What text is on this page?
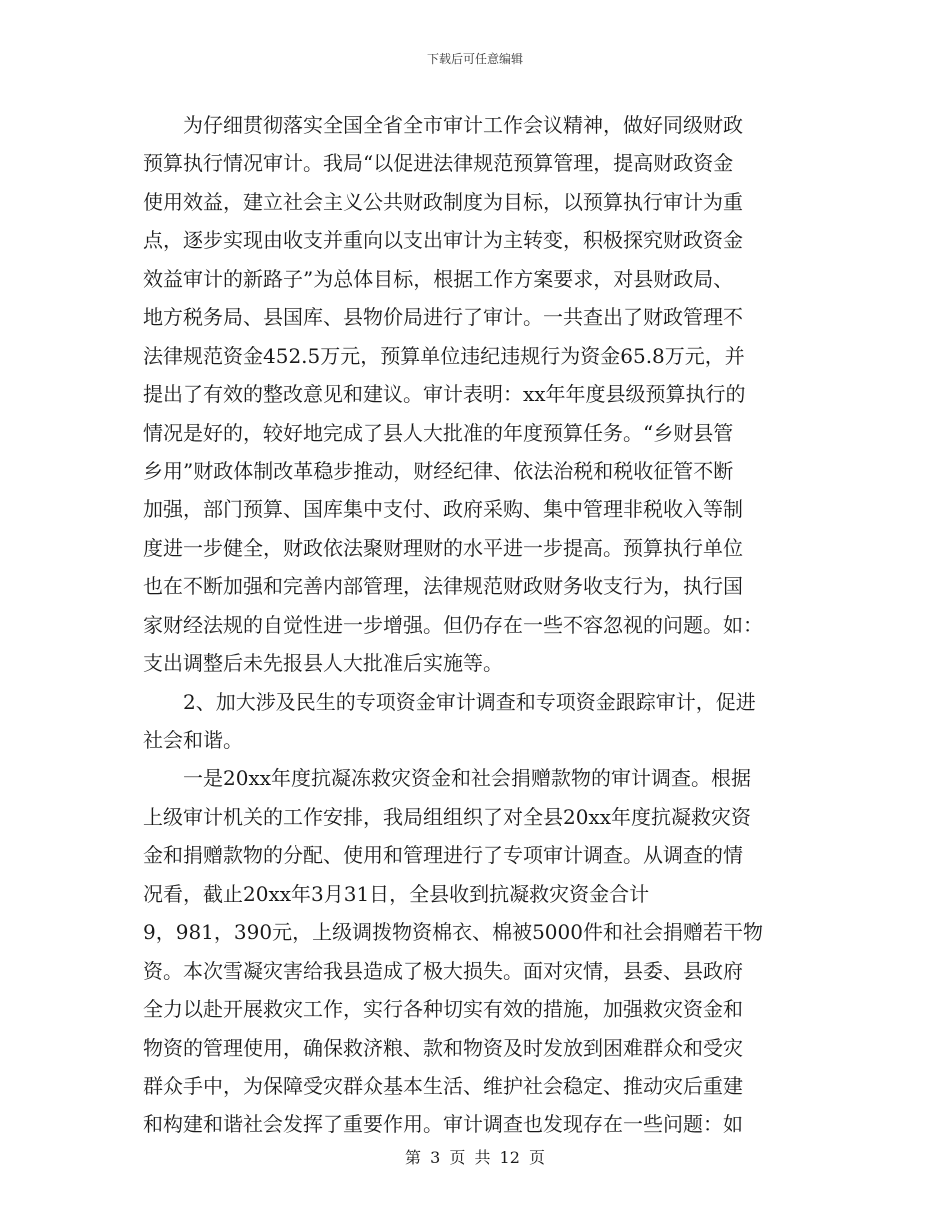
下载后可任意编辑
为仔细贯彻落实全国全省全市审计工作会议精神，做好同级财政
预算执行情况审计。我局“以促进法律规范预算管理，提高财政资金
使用效益，建立社会主义公共财政制度为目标，以预算执行审计为重
点，逐步实现由收支并重向以支出审计为主转变，积极探究财政资金
效益审计的新路子”为总体目标，根据工作方案要求，对县财政局、
地方税务局、县国库、县物价局进行了审计。一共查出了财政管理不
法律规范资金452.5万元，预算单位违纪违规行为资金65.8万元，并
提出了有效的整改意见和建议。审计表明：xx年年度县级预算执行的
情况是好的，较好地完成了县人大批准的年度预算任务。“乡财县管
乡用”财政体制改革稳步推动，财经纪律、依法治税和税收征管不断
加强，部门预算、国库集中支付、政府采购、集中管理非税收入等制
度进一步健全，财政依法聚财理财的水平进一步提高。预算执行单位
也在不断加强和完善内部管理，法律规范财政财务收支行为，执行国
家财经法规的自觉性进一步增强。但仍存在一些不容忽视的问题。如：
支出调整后未先报县人大批准后实施等。
2、加大涉及民生的专项资金审计调查和专项资金跟踪审计，促进
社会和谐。
一是20xx年度抗凝冻救灾资金和社会捐赠款物的审计调查。根据
上级审计机关的工作安排，我局组组织了对全县20xx年度抗凝救灾资
金和捐赠款物的分配、使用和管理进行了专项审计调查。从调查的情
况看，截止20xx年3月31日，全县收到抗凝救灾资金合计
9，981，390元，上级调拨物资棉衣、棉被5000件和社会捐赠若干物
资。本次雪凝灾害给我县造成了极大损失。面对灾情，县委、县政府
全力以赴开展救灾工作，实行各种切实有效的措施，加强救灾资金和
物资的管理使用，确保救济粮、款和物资及时发放到困难群众和受灾
群众手中，为保障受灾群众基本生活、维护社会稳定、推动灾后重建
和构建和谐社会发挥了重要作用。审计调查也发现存在一些问题：如
第 3 页 共 12 页
